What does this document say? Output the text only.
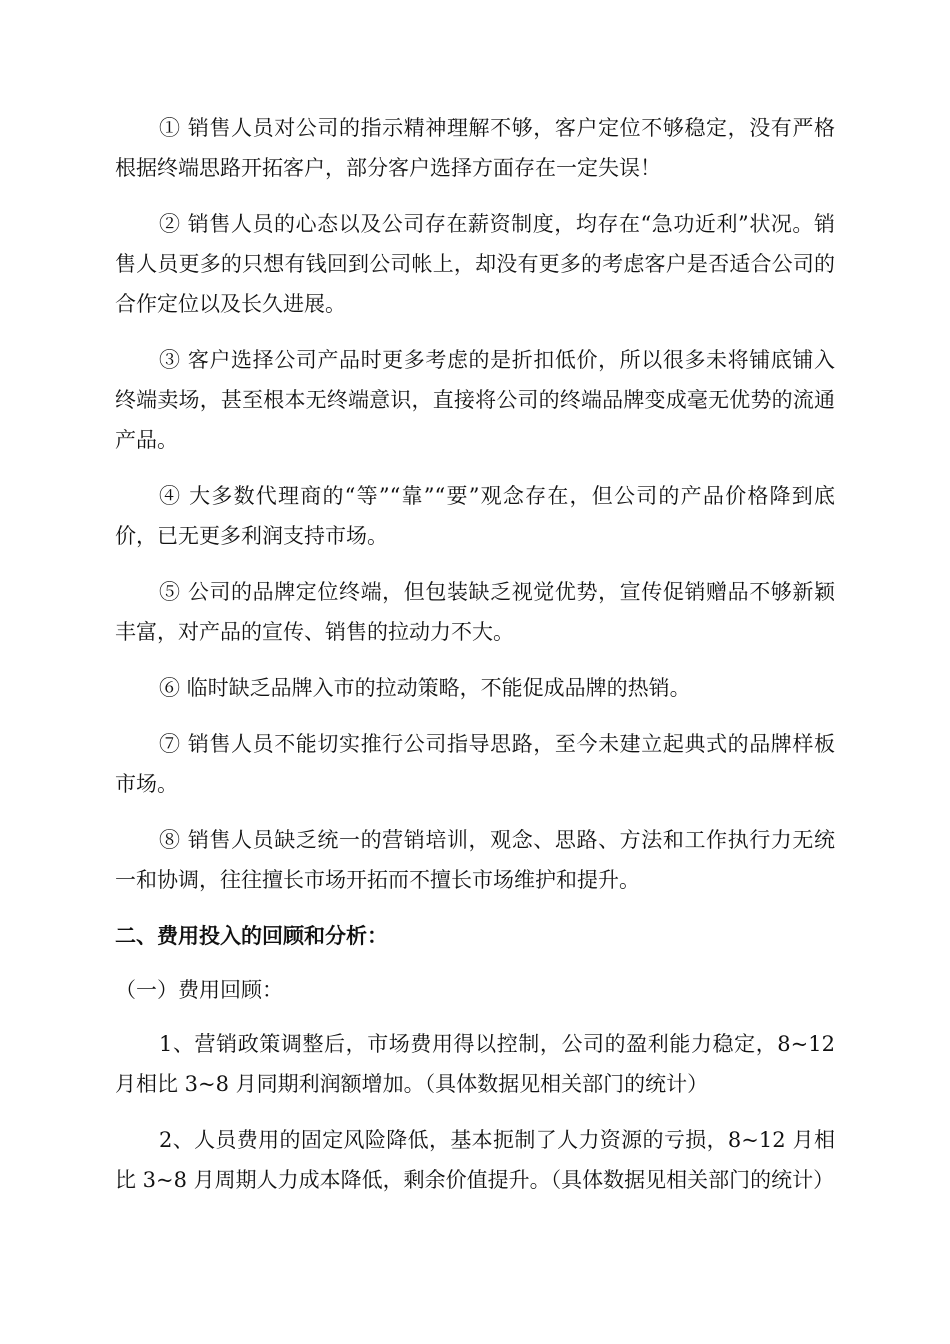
① 销售人员对公司的指示精神理解不够，客户定位不够稳定，没有严格根据终端思路开拓客户，部分客户选择方面存在一定失误！

② 销售人员的心态以及公司存在薪资制度，均存在“急功近利”状况。销售人员更多的只想有钱回到公司帐上，却没有更多的考虑客户是否适合公司的合作定位以及长久进展。

③ 客户选择公司产品时更多考虑的是折扣低价，所以很多未将铺底铺入终端卖场，甚至根本无终端意识，直接将公司的终端品牌变成毫无优势的流通产品。

④ 大多数代理商的“等”“靠”“要”观念存在，但公司的产品价格降到底价，已无更多利润支持市场。

⑤ 公司的品牌定位终端，但包装缺乏视觉优势，宣传促销赠品不够新颖丰富，对产品的宣传、销售的拉动力不大。

⑥ 临时缺乏品牌入市的拉动策略，不能促成品牌的热销。

⑦ 销售人员不能切实推行公司指导思路，至今未建立起典式的品牌样板市场。

⑧ 销售人员缺乏统一的营销培训，观念、思路、方法和工作执行力无统一和协调，往往擅长市场开拓而不擅长市场维护和提升。

二、费用投入的回顾和分析：

（一）费用回顾：

1、营销政策调整后，市场费用得以控制，公司的盈利能力稳定，8~12 月相比 3~8 月同期利润额增加。（具体数据见相关部门的统计）

2、人员费用的固定风险降低，基本扼制了人力资源的亏损，8~12 月相比 3~8 月周期人力成本降低，剩余价值提升。（具体数据见相关部门的统计）
